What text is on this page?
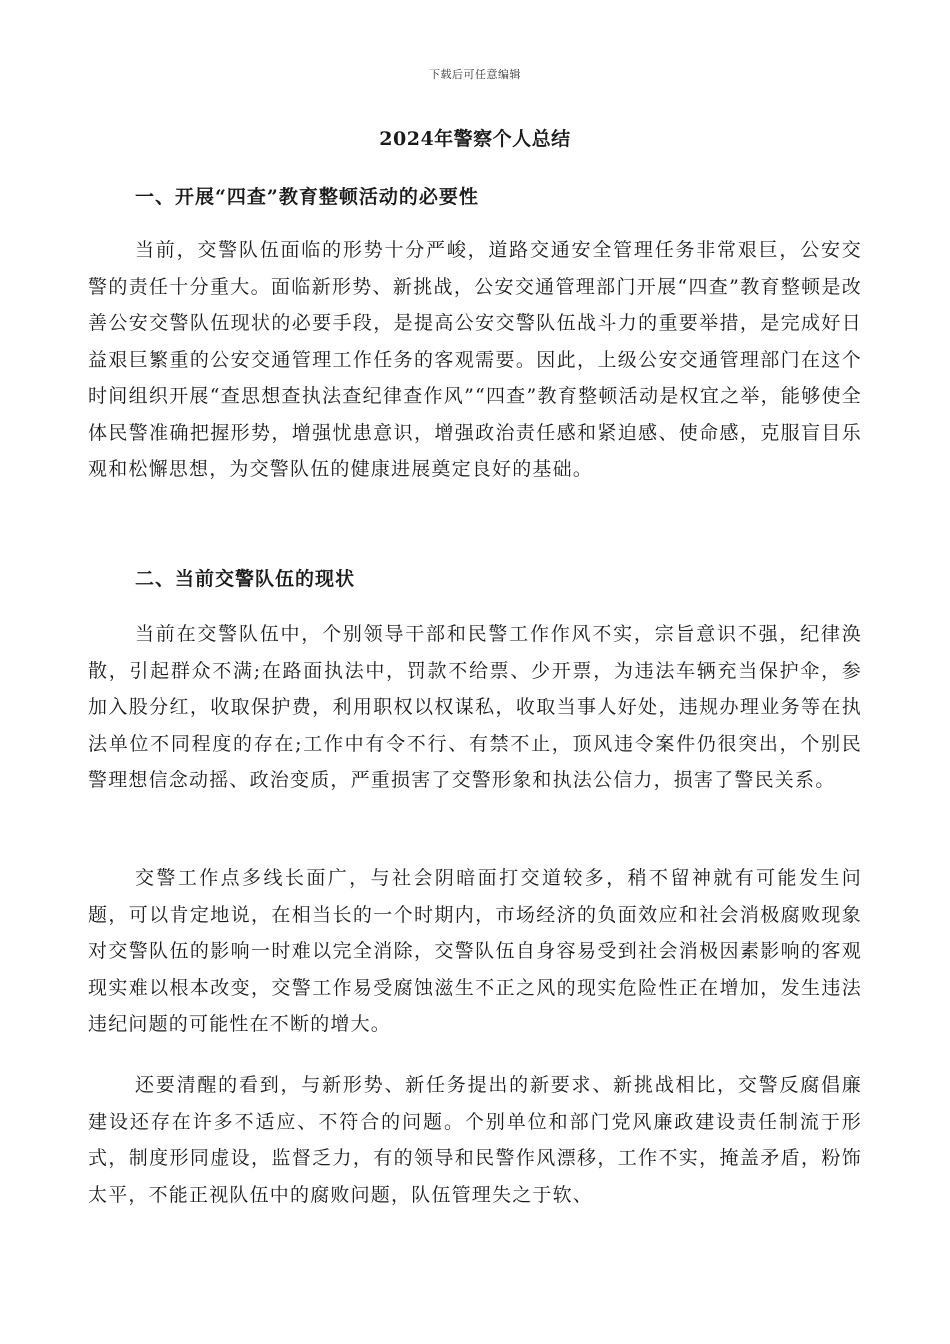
下载后可任意编辑
2024年警察个人总结
一、开展“四查”教育整顿活动的必要性

当前，交警队伍面临的形势十分严峻，道路交通安全管理任务非常艰巨，公安交警的责任十分重大。面临新形势、新挑战，公安交通管理部门开展“四查”教育整顿是改善公安交警队伍现状的必要手段，是提高公安交警队伍战斗力的重要举措，是完成好日益艰巨繁重的公安交通管理工作任务的客观需要。因此，上级公安交通管理部门在这个时间组织开展“查思想查执法查纪律查作风”“四查”教育整顿活动是权宜之举，能够使全体民警准确把握形势，增强忧患意识，增强政治责任感和紧迫感、使命感，克服盲目乐观和松懈思想，为交警队伍的健康进展奠定良好的基础。

二、当前交警队伍的现状

当前在交警队伍中，个别领导干部和民警工作作风不实，宗旨意识不强，纪律涣散，引起群众不满;在路面执法中，罚款不给票、少开票，为违法车辆充当保护伞，参加入股分红，收取保护费，利用职权以权谋私，收取当事人好处，违规办理业务等在执法单位不同程度的存在;工作中有令不行、有禁不止，顶风违令案件仍很突出，个别民警理想信念动摇、政治变质，严重损害了交警形象和执法公信力，损害了警民关系。

交警工作点多线长面广，与社会阴暗面打交道较多，稍不留神就有可能发生问题，可以肯定地说，在相当长的一个时期内，市场经济的负面效应和社会消极腐败现象对交警队伍的影响一时难以完全消除，交警队伍自身容易受到社会消极因素影响的客观现实难以根本改变，交警工作易受腐蚀滋生不正之风的现实危险性正在增加，发生违法违纪问题的可能性在不断的增大。

还要清醒的看到，与新形势、新任务提出的新要求、新挑战相比，交警反腐倡廉建设还存在许多不适应、不符合的问题。个别单位和部门党风廉政建设责任制流于形式，制度形同虚设，监督乏力，有的领导和民警作风漂移，工作不实，掩盖矛盾，粉饰太平，不能正视队伍中的腐败问题，队伍管理失之于软、
